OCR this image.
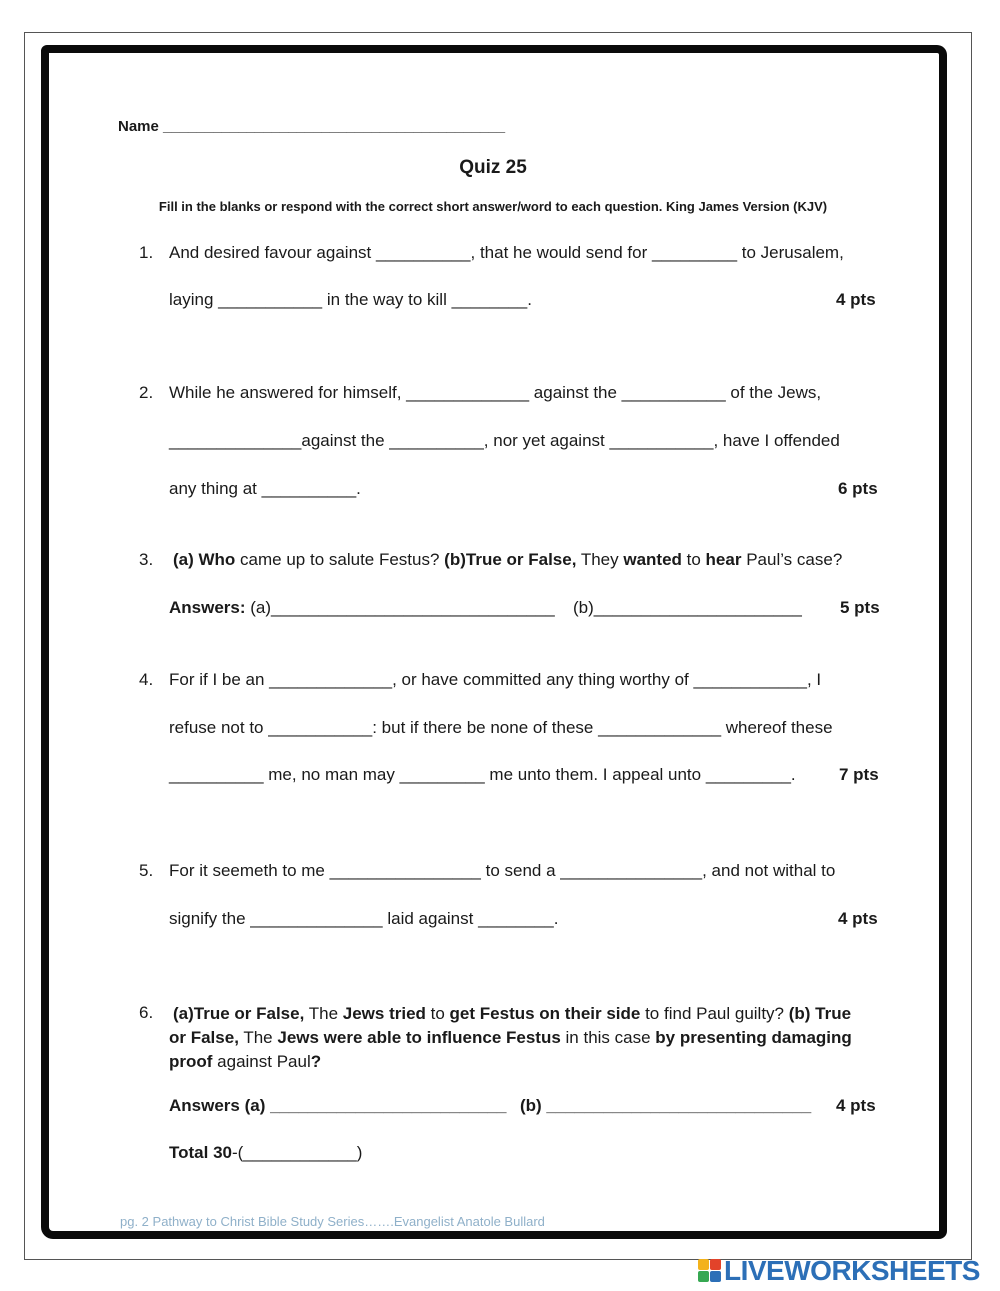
Name _________________________________________
Quiz 25
Fill in the blanks or respond with the correct short answer/word to each question. King James Version (KJV)
1. And desired favour against __________, that he would send for _________ to Jerusalem,
laying ___________ in the way to kill ________.	4 pts
2. While he answered for himself, _____________ against the ___________ of the Jews,
______________against the __________, nor yet against ___________, have I offended
any thing at __________.	6 pts
3. (a) Who came up to salute Festus? (b)True or False, They wanted to hear Paul’s case?
Answers: (a)______________________________ (b)______________________ 5 pts
4. For if I be an _____________, or have committed any thing worthy of ____________, I
refuse not to ___________: but if there be none of these _____________ whereof these
__________ me, no man may _________ me unto them. I appeal unto _________.	7 pts
5. For it seemeth to me ________________ to send a _______________, and not withal to
signify the ______________ laid against ________.	4 pts
6. (a)True or False, The Jews tried to get Festus on their side to find Paul guilty? (b) True or False, The Jews were able to influence Festus in this case by presenting damaging proof against Paul?
Answers (a) _________________________ (b) ____________________________ 4 pts
Total 30-(____________)
pg. 2 Pathway to Christ Bible Study Series…….Evangelist Anatole Bullard
LIVEWORKSHEETS
